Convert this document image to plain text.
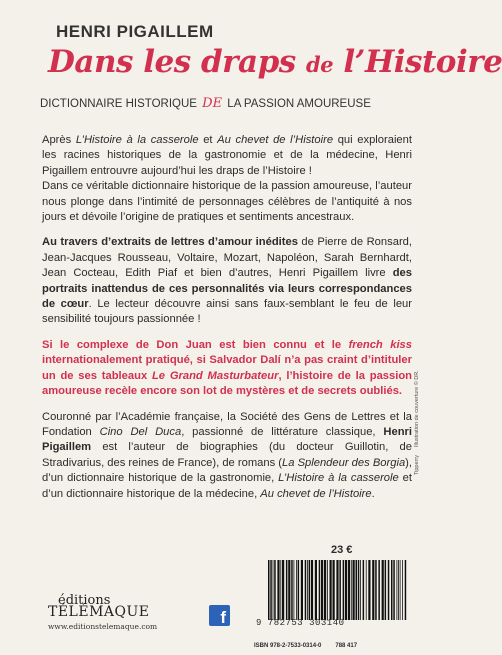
HENRI PIGAILLEM
Dans les draps de l’Histoire

DICTIONNAIRE HISTORIQUE DE LA PASSION AMOUREUSE

Après L’Histoire à la casserole et Au chevet de l’Histoire qui exploraient les racines historiques de la gastronomie et de la médecine, Henri Pigaillem entrouvre aujourd’hui les draps de l’Histoire !

Dans ce véritable dictionnaire historique de la passion amoureuse, l’auteur nous plonge dans l’intimité de personnages célèbres de l’antiquité à nos jours et dévoile l’origine de pratiques et sentiments ancestraux.

Au travers d’extraits de lettres d’amour inédites de Pierre de Ronsard, Jean-Jacques Rousseau, Voltaire, Mozart, Napoléon, Sarah Bernhardt, Jean Cocteau, Edith Piaf et bien d’autres, Henri Pigaillem livre des portraits inattendus de ces personnalités via leurs correspondances de cœur. Le lecteur découvre ainsi sans faux-semblant le feu de leur sensibilité toujours passionnée !

Si le complexe de Don Juan est bien connu et le french kiss internationalement pratiqué, si Salvador Dalí n’a pas craint d’intituler un de ses tableaux Le Grand Masturbateur, l’histoire de la passion amoureuse recèle encore son lot de mystères et de secrets oubliés.

Couronné par l’Académie française, la Société des Gens de Lettres et la Fondation Cino Del Duca, passionné de littérature classique, Henri Pigaillem est l’auteur de biographies (du docteur Guillotin, de Stradivarius, des reines de France), de romans (La Splendeur des Borgia), d’un dictionnaire historique de la gastronomie, L’Histoire à la casserole et d’un dictionnaire historique de la médecine, Au chevet de l’Histoire.

TipperryIllustration de couverture © DR.

23 €

9 782753 303140
ISBN 978-2-7533-0314-0 788 417

éditions

TÉLÉMAQUE

www.editionstelemaque.com	f
